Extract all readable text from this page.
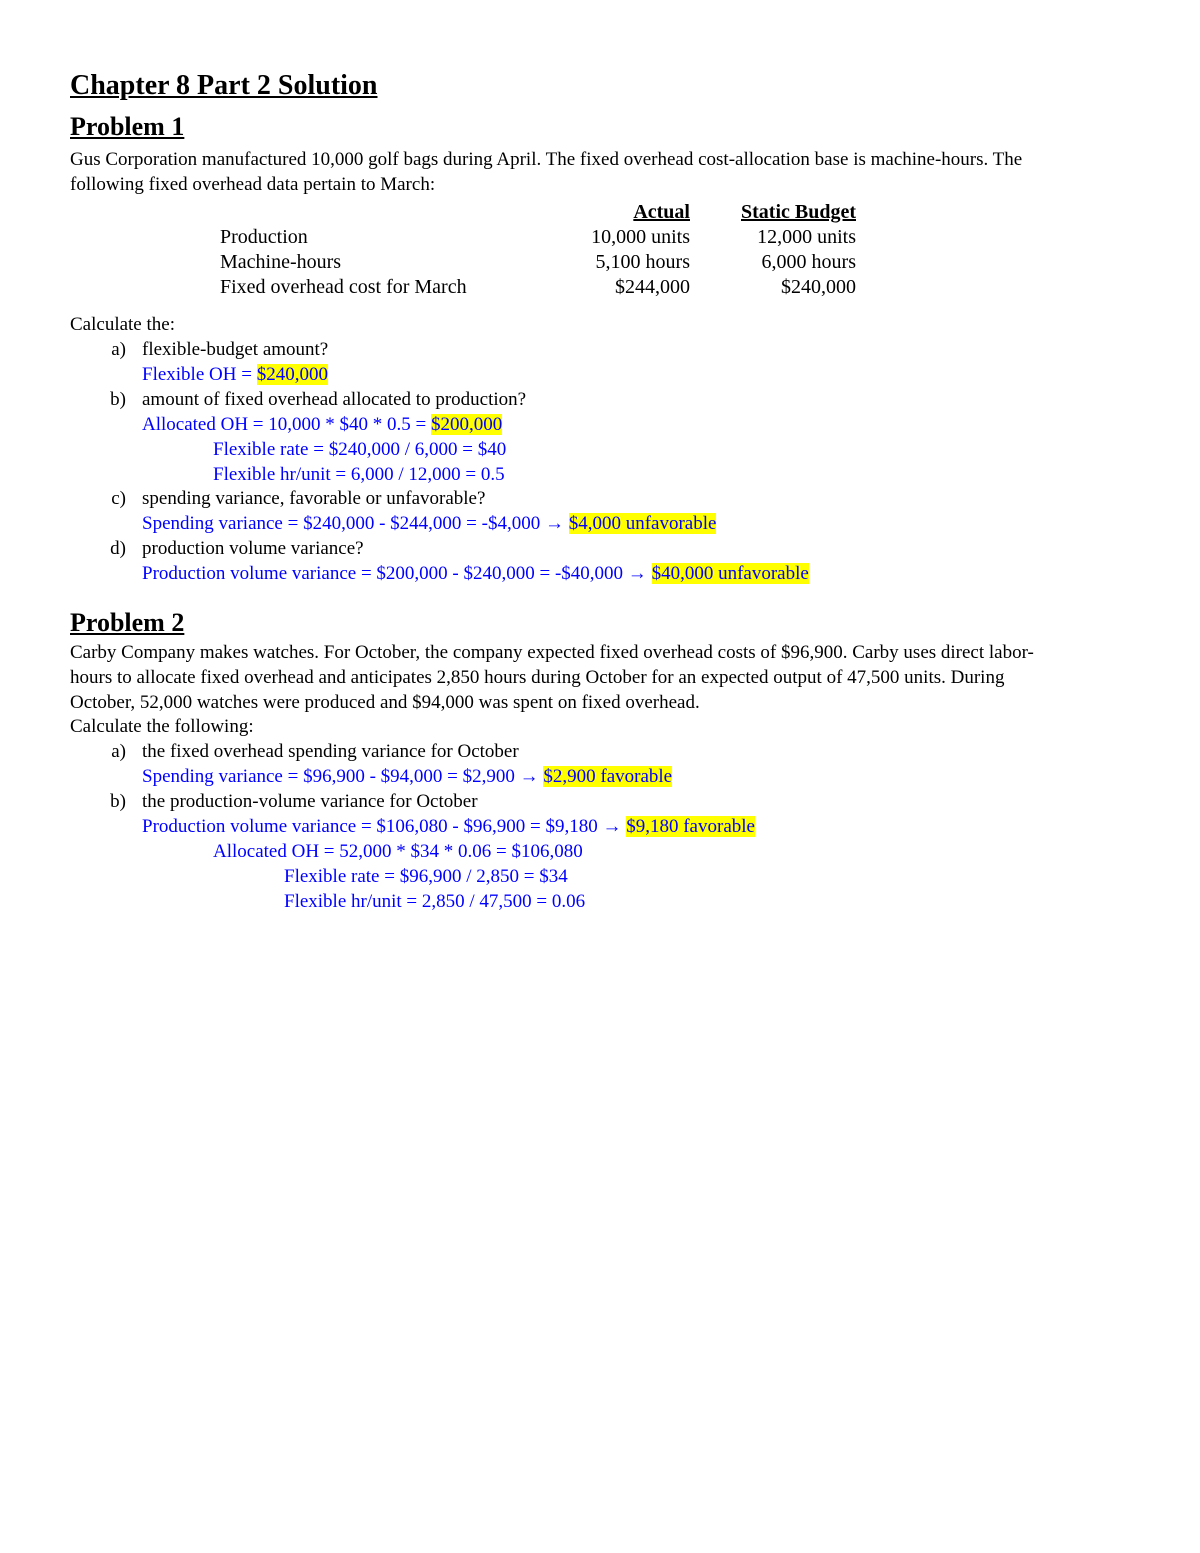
Chapter 8 Part 2 Solution
Problem 1
Gus Corporation manufactured 10,000 golf bags during April. The fixed overhead cost-allocation base is machine-hours. The following fixed overhead data pertain to March:
Actual	Static Budget
Production	10,000 units	12,000 units
Machine-hours	5,100 hours	6,000 hours
Fixed overhead cost for March	$244,000	$240,000
Calculate the:
a) flexible-budget amount?
Flexible OH = $240,000
b) amount of fixed overhead allocated to production?
Allocated OH = 10,000 * $40 * 0.5 = $200,000
Flexible rate = $240,000 / 6,000 = $40
Flexible hr/unit = 6,000 / 12,000 = 0.5
c) spending variance, favorable or unfavorable?
Spending variance = $240,000 - $244,000 = -$4,000 → $4,000 unfavorable
d) production volume variance?
Production volume variance = $200,000 - $240,000 = -$40,000 → $40,000 unfavorable
Problem 2
Carby Company makes watches. For October, the company expected fixed overhead costs of $96,900. Carby uses direct labor-hours to allocate fixed overhead and anticipates 2,850 hours during October for an expected output of 47,500 units. During October, 52,000 watches were produced and $94,000 was spent on fixed overhead.
Calculate the following:
a) the fixed overhead spending variance for October
Spending variance = $96,900 - $94,000 = $2,900 → $2,900 favorable
b) the production-volume variance for October
Production volume variance = $106,080 - $96,900 = $9,180 → $9,180 favorable
Allocated OH = 52,000 * $34 * 0.06 = $106,080
Flexible rate = $96,900 / 2,850 = $34
Flexible hr/unit = 2,850 / 47,500 = 0.06
